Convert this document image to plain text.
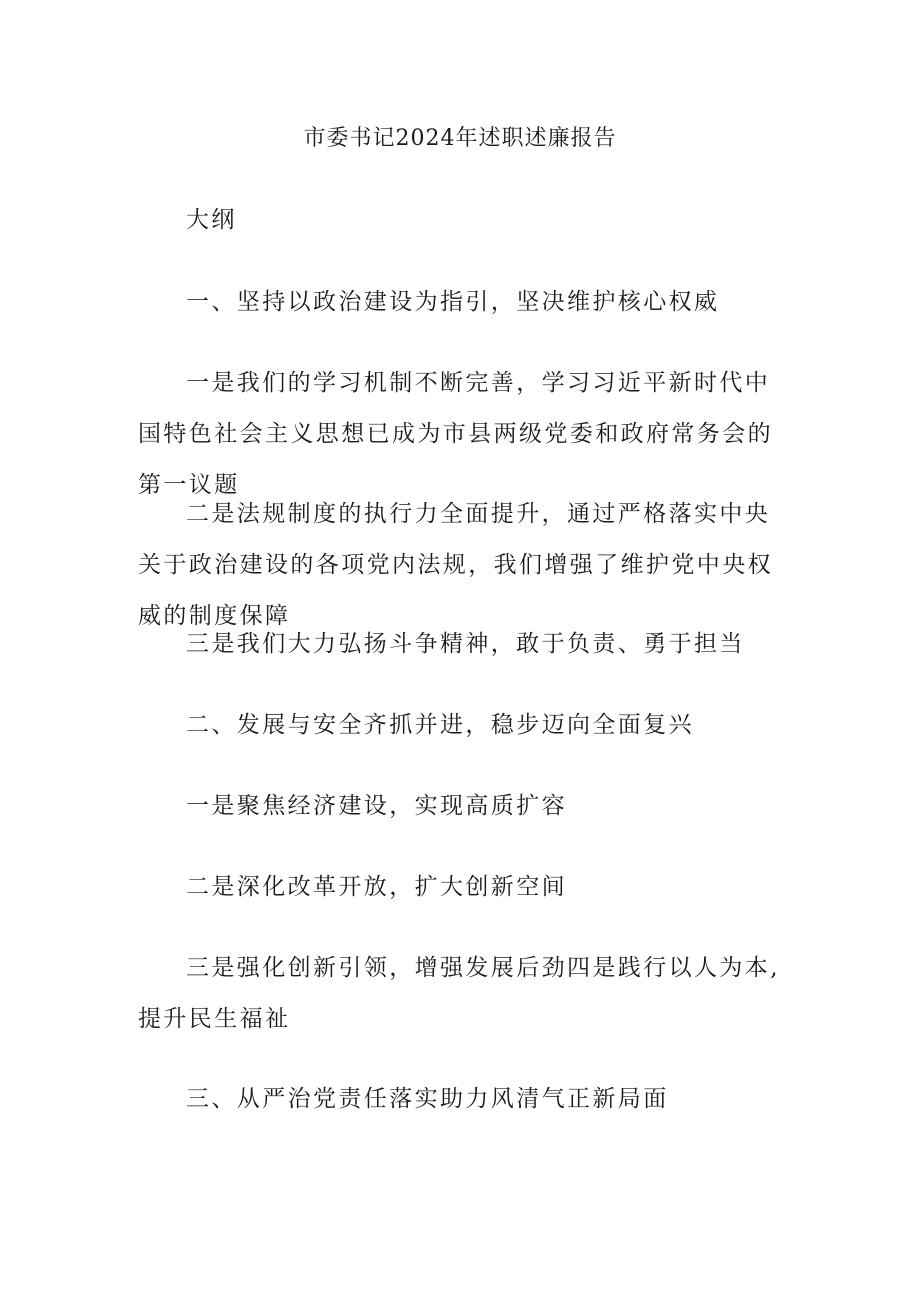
市委书记2024年述职述廉报告
大纲
一、坚持以政治建设为指引，坚决维护核心权威
一是我们的学习机制不断完善，学习习近平新时代中国特色社会主义思想已成为市县两级党委和政府常务会的第一议题
二是法规制度的执行力全面提升，通过严格落实中央关于政治建设的各项党内法规，我们增强了维护党中央权威的制度保障
三是我们大力弘扬斗争精神，敢于负责、勇于担当
二、发展与安全齐抓并进，稳步迈向全面复兴
一是聚焦经济建设，实现高质扩容
二是深化改革开放，扩大创新空间
三是强化创新引领，增强发展后劲四是践行以人为本,提升民生福祉
三、从严治党责任落实助力风清气正新局面
